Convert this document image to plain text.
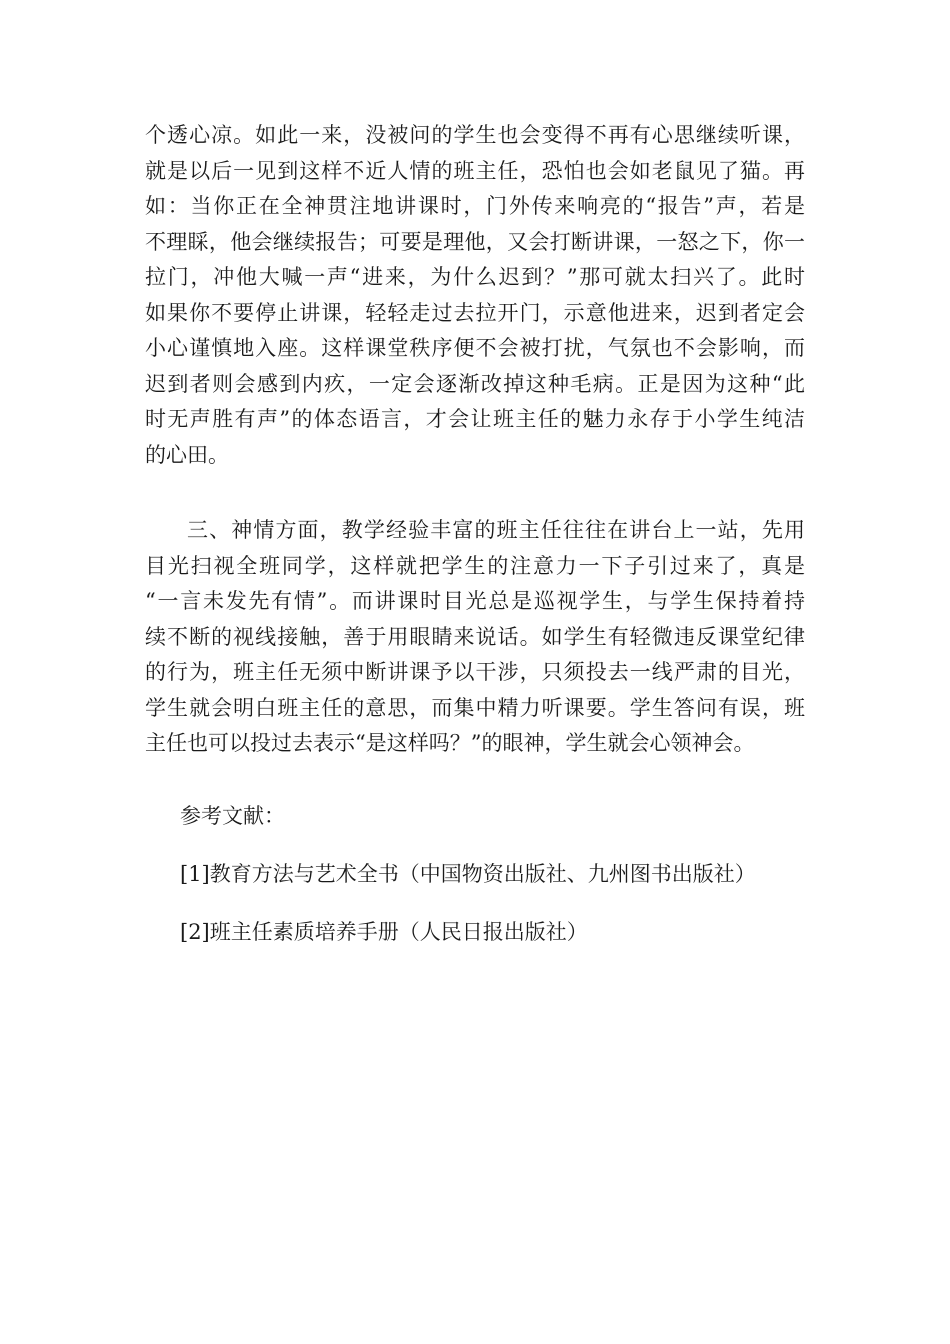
个透心凉。如此一来，没被问的学生也会变得不再有心思继续听课，
就是以后一见到这样不近人情的班主任，恐怕也会如老鼠见了猫。再
如：当你正在全神贯注地讲课时，门外传来响亮的“报告”声，若是
不理睬，他会继续报告；可要是理他，又会打断讲课，一怒之下，你一
拉门，冲他大喊一声“进来，为什么迟到？”那可就太扫兴了。此时
如果你不要停止讲课，轻轻走过去拉开门，示意他进来，迟到者定会
小心谨慎地入座。这样课堂秩序便不会被打扰，气氛也不会影响，而
迟到者则会感到内疚，一定会逐渐改掉这种毛病。正是因为这种“此
时无声胜有声”的体态语言，才会让班主任的魅力永存于小学生纯洁
的心田。
三、神情方面，教学经验丰富的班主任往往在讲台上一站，先用
目光扫视全班同学，这样就把学生的注意力一下子引过来了，真是
“一言未发先有情”。而讲课时目光总是巡视学生，与学生保持着持
续不断的视线接触，善于用眼睛来说话。如学生有轻微违反课堂纪律
的行为，班主任无须中断讲课予以干涉，只须投去一线严肃的目光，
学生就会明白班主任的意思，而集中精力听课要。学生答问有误，班
主任也可以投过去表示“是这样吗？”的眼神，学生就会心领神会。
参考文献：
[1]教育方法与艺术全书（中国物资出版社、九州图书出版社）
[2]班主任素质培养手册（人民日报出版社）
